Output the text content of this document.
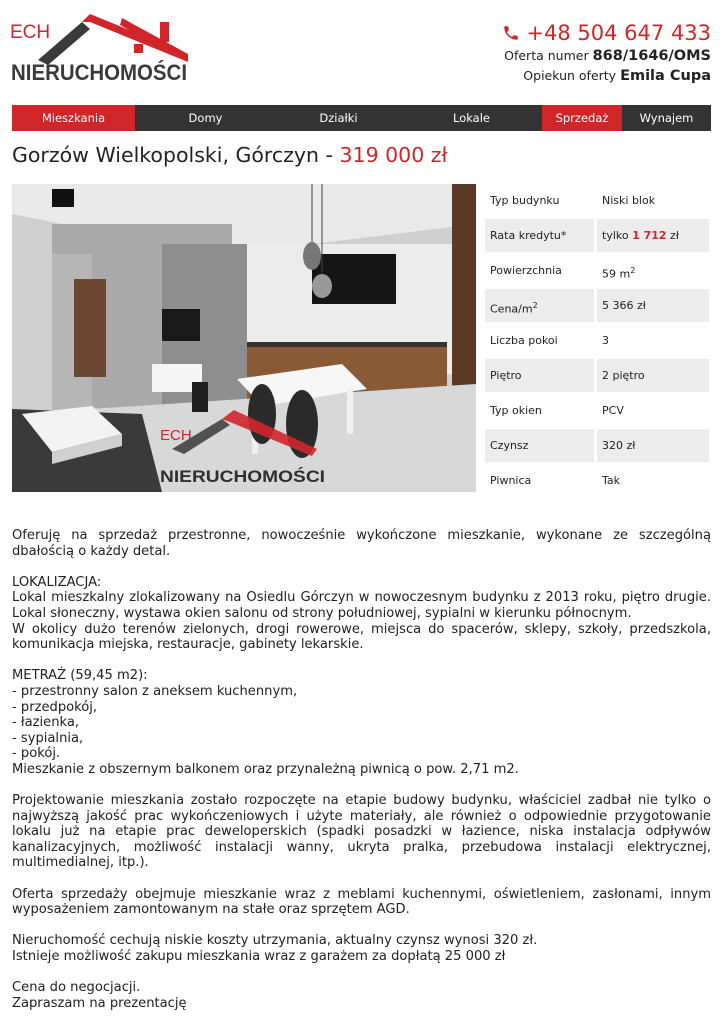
ECH
NIERUCHOMOŚCI
+48 504 647 433
Oferta numer 868/1646/OMS
Opiekun oferty Emila Cupa
Mieszkania	Domy	Działki	Lokale	Sprzedaż	Wynajem
Gorzów Wielkopolski, Górczyn - 319 000 zł
ECH
NIERUCHOMOŚCI
Typ budynku	Niski blok
Rata kredytu*	tylko 1 712 zł
Powierzchnia	59 $m^2$
Cena/$m^2$	5 366 zł
Liczba pokoi	3
Piętro	2 piętro
Typ okien	PCV
Czynsz	320 zł
Piwnica	Tak

Oferuję na sprzedaż przestronne, nowocześnie wykończone mieszkanie, wykonane ze szczególną dbałością o każdy detal.

LOKALIZACJA:
Lokal mieszkalny zlokalizowany na Osiedlu Górczyn w nowoczesnym budynku z 2013 roku, piętro drugie. Lokal słoneczny, wystawa okien salonu od strony południowej, sypialni w kierunku północnym.
W okolicy dużo terenów zielonych, drogi rowerowe, miejsca do spacerów, sklepy, szkoły, przedszkola, komunikacja miejska, restauracje, gabinety lekarskie.

METRAŻ (59,45 m2):
- przestronny salon z aneksem kuchennym,
- przedpokój,
- łazienka,
- sypialnia,
- pokój.
Mieszkanie z obszernym balkonem oraz przynależną piwnicą o pow. 2,71 m2.

Projektowanie mieszkania zostało rozpoczęte na etapie budowy budynku, właściciel zadbał nie tylko o najwyższą jakość prac wykończeniowych i użyte materiały, ale również o odpowiednie przygotowanie lokalu już na etapie prac deweloperskich (spadki posadzki w łazience, niska instalacja odpływów kanalizacyjnych, możliwość instalacji wanny, ukryta pralka, przebudowa instalacji elektrycznej, multimedialnej, itp.).

Oferta sprzedaży obejmuje mieszkanie wraz z meblami kuchennymi, oświetleniem, zasłonami, innym wyposażeniem zamontowanym na stałe oraz sprzętem AGD.

Nieruchomość cechują niskie koszty utrzymania, aktualny czynsz wynosi 320 zł.
Istnieje możliwość zakupu mieszkania wraz z garażem za dopłatą 25 000 zł

Cena do negocjacji.
Zapraszam na prezentację
